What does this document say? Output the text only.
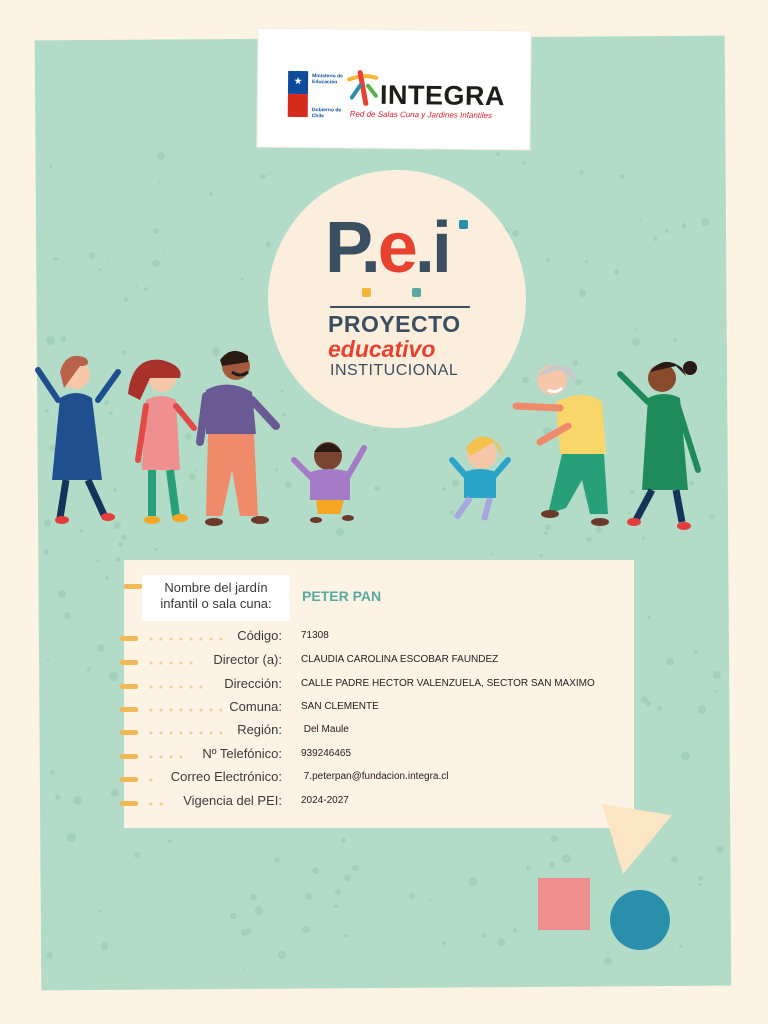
Ministerio de
Educación
Gobierno de Chile
INTEGRA
Red de Salas Cuna y Jardines Infantiles
P.e.i
PROYECTO
educativo
INSTITUCIONAL
Nombre del jardín infantil o sala cuna:	PETER PAN
Código: 71308
Director (a): CLAUDIA CAROLINA ESCOBAR FAUNDEZ
Dirección: CALLE PADRE HECTOR VALENZUELA, SECTOR SAN MAXIMO
Comuna: SAN CLEMENTE
Región: Del Maule
Nº Telefónico: 939246465
Correo Electrónico: 7.peterpan@fundacion.integra.cl
Vigencia del PEI: 2024-2027
